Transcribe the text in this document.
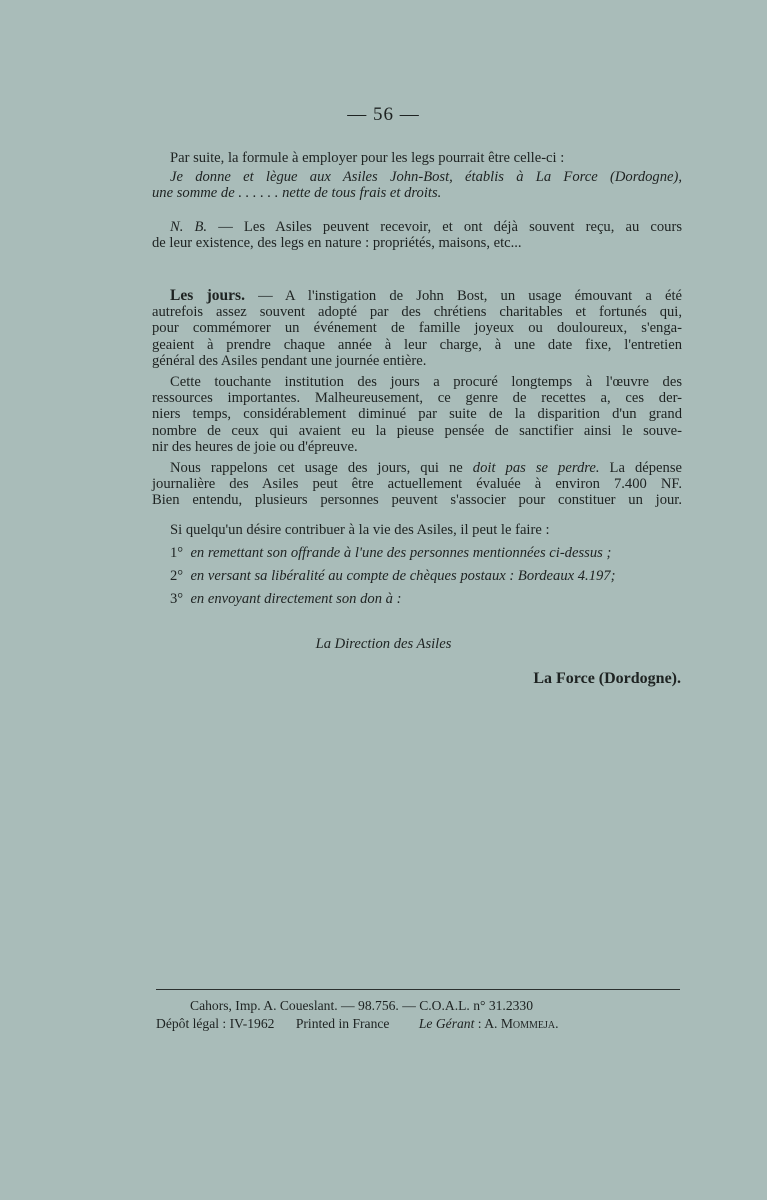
— 56 —
Par suite, la formule à employer pour les legs pourrait être celle-ci :
Je donne et lègue aux Asiles John-Bost, établis à La Force (Dordogne),
une somme de . . . . . . nette de tous frais et droits.
N. B. — Les Asiles peuvent recevoir, et ont déjà souvent reçu, au cours
de leur existence, des legs en nature : propriétés, maisons, etc...
Les jours. — A l'instigation de John Bost, un usage émouvant a été
autrefois assez souvent adopté par des chrétiens charitables et fortunés qui,
pour commémorer un événement de famille joyeux ou douloureux, s'enga-
geaient à prendre chaque année à leur charge, à une date fixe, l'entretien
général des Asiles pendant une journée entière.
Cette touchante institution des jours a procuré longtemps à l'œuvre des
ressources importantes. Malheureusement, ce genre de recettes a, ces der-
niers temps, considérablement diminué par suite de la disparition d'un grand
nombre de ceux qui avaient eu la pieuse pensée de sanctifier ainsi le souve-
nir des heures de joie ou d'épreuve.
Nous rappelons cet usage des jours, qui ne doit pas se perdre. La dépense
journalière des Asiles peut être actuellement évaluée à environ 7.400 NF.
Bien entendu, plusieurs personnes peuvent s'associer pour constituer un jour.
Si quelqu'un désire contribuer à la vie des Asiles, il peut le faire :
1° en remettant son offrande à l'une des personnes mentionnées ci-dessus ;
2° en versant sa libéralité au compte de chèques postaux : Bordeaux 4.197;
3° en envoyant directement son don à :
La Direction des Asiles
La Force (Dordogne).
Cahors, Imp. A. Coueslant. — 98.756. — C.O.A.L. n° 31.2330
Dépôt légal : IV-1962 Printed in France Le Gérant : A. Mommeja.
